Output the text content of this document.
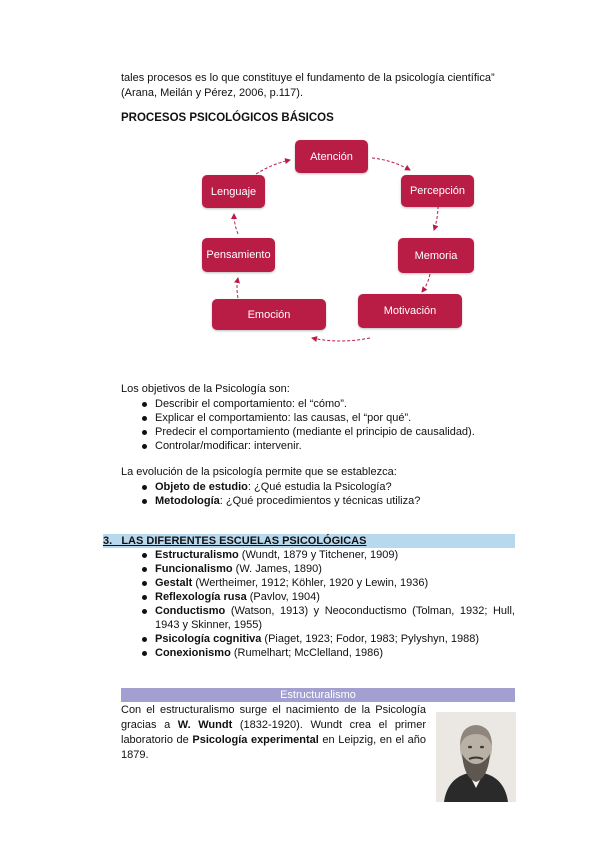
tales procesos es lo que constituye el fundamento de la psicología científica”
(Arana, Meilán y Pérez, 2006, p.117).
PROCESOS PSICOLÓGICOS BÁSICOS
Atención
Percepción
Memoria
Motivación
Emoción
Pensamiento
Lenguaje
Los objetivos de la Psicología son:
Describir el comportamiento: el “cómo”.
Explicar el comportamiento: las causas, el “por qué”.
Predecir el comportamiento (mediante el principio de causalidad).
Controlar/modificar: intervenir.
La evolución de la psicología permite que se establezca:
Objeto de estudio: ¿Qué estudia la Psicología?
Metodología: ¿Qué procedimientos y técnicas utiliza?
3.   LAS DIFERENTES ESCUELAS PSICOLÓGICAS
Estructuralismo (Wundt, 1879 y Titchener, 1909)
Funcionalismo (W. James, 1890)
Gestalt (Wertheimer, 1912; Köhler, 1920 y Lewin, 1936)
Reflexología rusa (Pavlov, 1904)
Conductismo (Watson, 1913) y Neoconductismo (Tolman, 1932; Hull, 1943 y Skinner, 1955)
Psicología cognitiva (Piaget, 1923; Fodor, 1983; Pylyshyn, 1988)
Conexionismo (Rumelhart; McClelland, 1986)
Estructuralismo
Con el estructuralismo surge el nacimiento de la Psicología gracias a W. Wundt (1832-1920). Wundt crea el primer laboratorio de Psicología experimental en Leipzig, en el año 1879.
